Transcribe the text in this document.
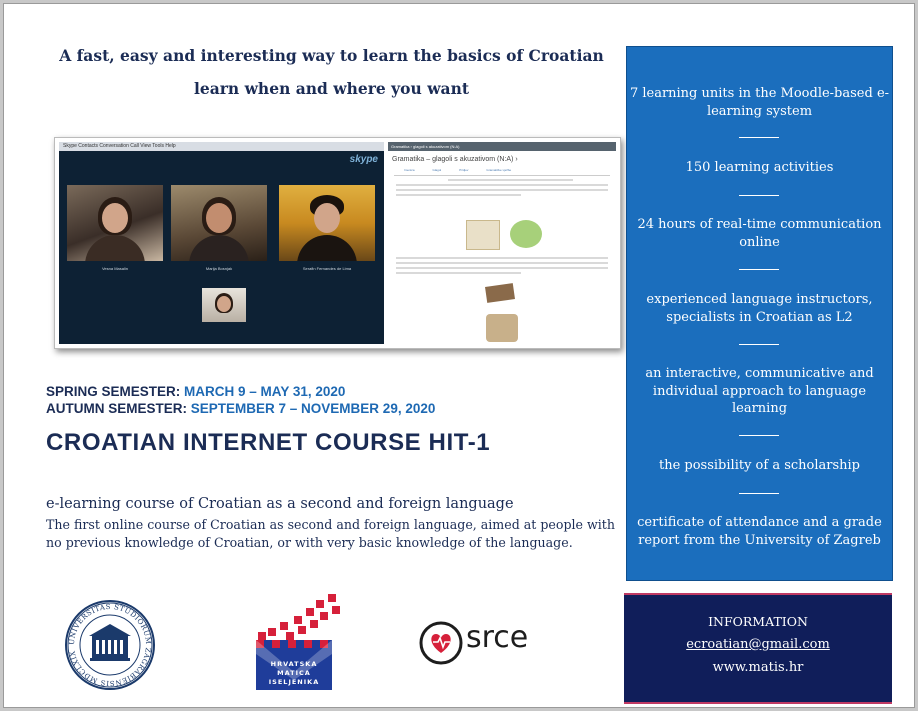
A fast, easy and interesting way to learn the basics of Croatian
learn when and where you want
Skype Contacts Conversation Call View Tools Help
skype
Vesna Masalin	Marija Bosnjak	Serafin Fernandes de Lima
Gramatika › glagoli s akuzativom (N:A)
Gramatika – glagoli s akuzativom (N:A) ›
Imenica	Glagol	Pridjev	Gramatičke vježbe
SPRING SEMESTER: MARCH 9 – MAY 31, 2020
AUTUMN SEMESTER: SEPTEMBER 7 – NOVEMBER 29, 2020
CROATIAN INTERNET COURSE HIT-1
e-learning course of Croatian as a second and foreign language
The first online course of Croatian as second and foreign language, aimed at people with no previous knowledge of Croatian, or with very basic knowledge of the language.
UNIVERSITAS STUDIORUM ZAGRABIENSIS MDCLXIX
HRVATSKA
MATICA
ISELJENIKA
srce
7 learning units in the Moodle-based e-learning system
150 learning activities
24 hours of real-time communication online
experienced language instructors, specialists in Croatian as L2
an interactive, communicative and individual approach to language learning
the possibility of a scholarship
certificate of attendance and a grade report from the University of Zagreb
INFORMATION
ecroatian@gmail.com
www.matis.hr
